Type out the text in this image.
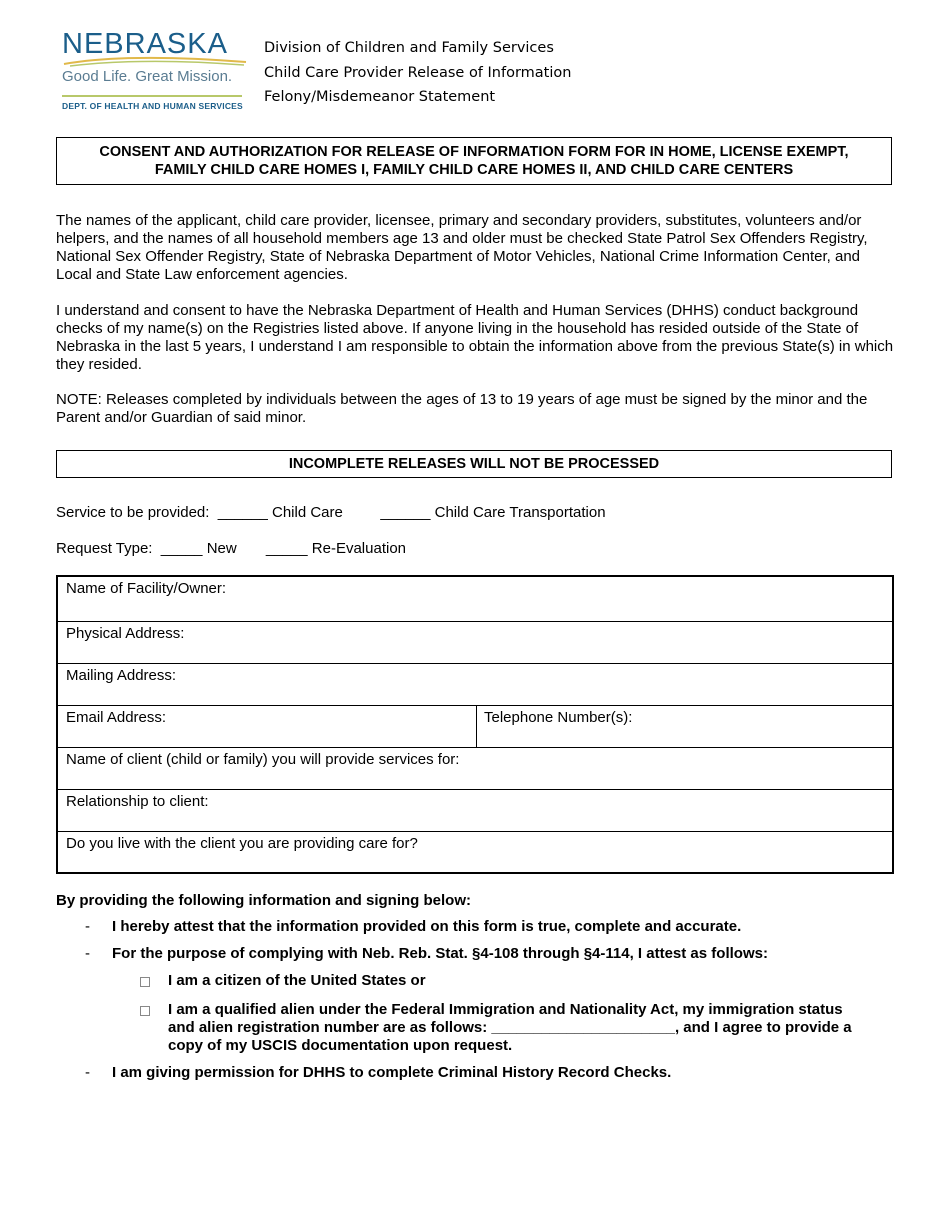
NEBRASKA
Good Life. Great Mission.
DEPT. OF HEALTH AND HUMAN SERVICES
Division of Children and Family Services
Child Care Provider Release of Information
Felony/Misdemeanor Statement
CONSENT AND AUTHORIZATION FOR RELEASE OF INFORMATION FORM FOR IN HOME, LICENSE EXEMPT,
FAMILY CHILD CARE HOMES I, FAMILY CHILD CARE HOMES II, AND CHILD CARE CENTERS
The names of the applicant, child care provider, licensee, primary and secondary providers, substitutes, volunteers and/or helpers, and the names of all household members age 13 and older must be checked State Patrol Sex Offenders Registry, National Sex Offender Registry, State of Nebraska Department of Motor Vehicles, National Crime Information Center, and Local and State Law enforcement agencies.
I understand and consent to have the Nebraska Department of Health and Human Services (DHHS) conduct background checks of my name(s) on the Registries listed above. If anyone living in the household has resided outside of the State of Nebraska in the last 5 years, I understand I am responsible to obtain the information above from the previous State(s) in which they resided.
NOTE: Releases completed by individuals between the ages of 13 to 19 years of age must be signed by the minor and the Parent and/or Guardian of said minor.
INCOMPLETE RELEASES WILL NOT BE PROCESSED
Service to be provided: ______ Child Care	______ Child Care Transportation
Request Type: _____ New _____ Re-Evaluation
Name of Facility/Owner:
Physical Address:
Mailing Address:
Email Address:	Telephone Number(s):
Name of client (child or family) you will provide services for:
Relationship to client:
Do you live with the client you are providing care for?
By providing the following information and signing below:
- I hereby attest that the information provided on this form is true, complete and accurate.
- For the purpose of complying with Neb. Reb. Stat. §4-108 through §4-114, I attest as follows:
I am a citizen of the United States or
I am a qualified alien under the Federal Immigration and Nationality Act, my immigration status
and alien registration number are as follows: ______________________, and I agree to provide a
copy of my USCIS documentation upon request.
- I am giving permission for DHHS to complete Criminal History Record Checks.
